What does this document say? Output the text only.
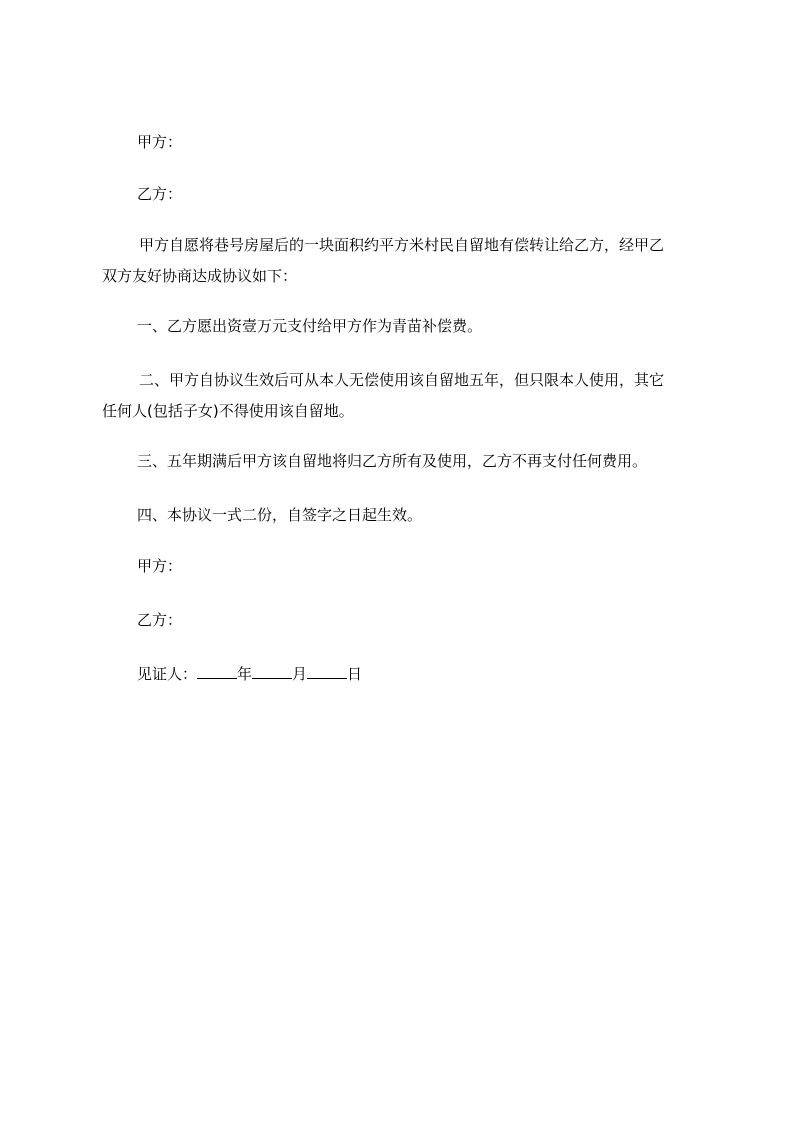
甲方：
乙方：
甲方自愿将巷号房屋后的一块面积约平方米村民自留地有偿转让给乙方，经甲乙
双方友好协商达成协议如下：
一、乙方愿出资壹万元支付给甲方作为青苗补偿费。
二、甲方自协议生效后可从本人无偿使用该自留地五年，但只限本人使用，其它
任何人(包括子女)不得使用该自留地。
三、五年期满后甲方该自留地将归乙方所有及使用，乙方不再支付任何费用。
四、本协议一式二份，自签字之日起生效。
甲方：
乙方：
见证人：	年	月	日
